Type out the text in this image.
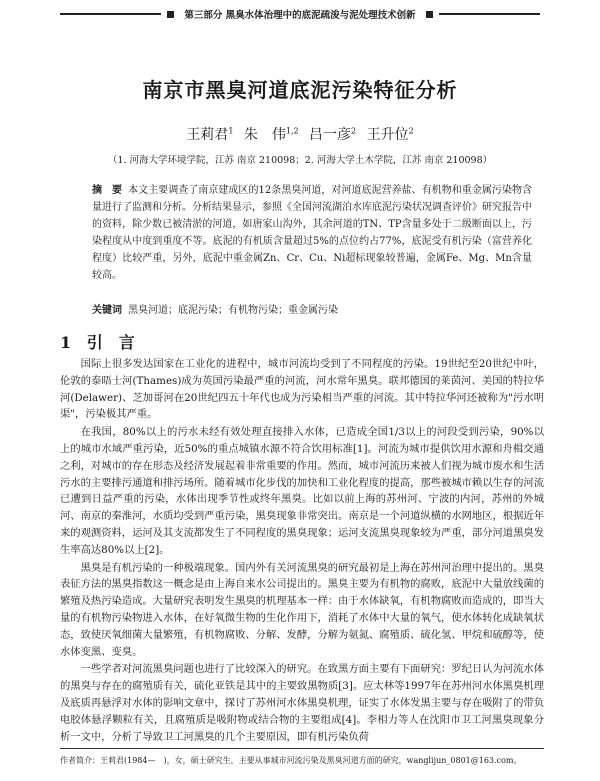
第三部分 黑臭水体治理中的底泥疏浚与泥处理技术创新
南京市黑臭河道底泥污染特征分析
王莉君$^1$ 朱　伟$^{1,2}$ 吕一彦$^2$ 王升位$^2$
（1. 河海大学环境学院，江苏 南京 210098；2. 河海大学土木学院，江苏 南京 210098）
摘　要 本文主要调查了南京建成区的12条黑臭河道，对河道底泥营养盐、有机物和重金属污染物含量进行了监测和分析。分析结果显示，参照《全国河流湖泊水库底泥污染状况调查评价》研究报告中的资料，除少数已被清淤的河道，如唐家山沟外，其余河道的TN、TP含量多处于二级断面以上，污染程度从中度到重度不等。底泥的有机质含量超过5%的点位约占77%，底泥受有机污染（富营养化程度）比较严重，另外，底泥中重金属Zn、Cr、Cu、Ni超标现象较普遍，金属Fe、Mg、Mn含量较高。
关键词 黑臭河道；底泥污染；有机物污染；重金属污染
1 引　言

国际上很多发达国家在工业化的进程中，城市河流均受到了不同程度的污染。19世纪至20世纪中叶，伦敦的泰晤士河(Thames)成为英国污染最严重的河流，河水常年黑臭。联邦德国的莱茵河、美国的特拉华河(Delawer)、芝加哥河在20世纪四五十年代也成为污染相当严重的河流。其中特拉华河还被称为"污水明渠"，污染极其严重。

在我国，80%以上的污水未经有效处理直接排入水体，已造成全国1/3以上的河段受到污染，90%以上的城市水域严重污染，近50%的重点城镇水源不符合饮用标准[1]。河流为城市提供饮用水源和舟楫交通之利，对城市的存在形态及经济发展起着非常重要的作用。然而，城市河流历来被人们视为城市废水和生活污水的主要排污通道和排污场所。随着城市化步伐的加快和工业化程度的提高，那些被城市赖以生存的河流已遭到日益严重的污染，水体出现季节性或终年黑臭。比如以前上海的苏州河、宁波的内河，苏州的外城河、南京的秦淮河，水质均受到严重污染，黑臭现象非常突出。南京是一个河道纵横的水网地区，根据近年来的观测资料，运河及其支流都发生了不同程度的黑臭现象；运河支流黑臭现象较为严重，部分河道黑臭发生率高达80%以上[2]。

黑臭是有机污染的一种极端现象。国内外有关河流黑臭的研究最初是上海在苏州河治理中提出的。黑臭表征方法的黑臭指数这一概念是由上海自来水公司提出的。黑臭主要为有机物的腐败，底泥中大量放线菌的繁殖及热污染造成。大量研究表明发生黑臭的机理基本一样：由于水体缺氧，有机物腐败而造成的，即当大量的有机物污染物进入水体，在好氧微生物的生化作用下，消耗了水体中大量的氧气，使水体转化成缺氧状态，致使厌氧细菌大量繁殖，有机物腐败、分解、发酵，分解为氨氮、腐殖质、硫化氢、甲烷和硫醇等，使水体变黑、变臭。

一些学者对河流黑臭问题也进行了比较深入的研究。在致黑方面主要有下面研究：罗纪日认为河流水体的黑臭与存在的腐殖质有关，硫化亚铁是其中的主要致黑物质[3]。应太林等1997年在苏州河水体黑臭机理及底质再悬浮对水体的影响文章中，探讨了苏州河水体黑臭机理，证实了水体发黑主要与存在吸附了的带负电胶体悬浮颗粒有关，且腐殖质是吸附物或结合物的主要组成[4]。李相力等人在沈阳市卫工河黑臭现象分析一文中，分析了导致卫工河黑臭的几个主要原因，即有机污染负荷

作者简介：王莉君(1984—　)，女，硕士研究生，主要从事城市河流污染及黑臭河道方面的研究，wanglijun_0801@163.com。
